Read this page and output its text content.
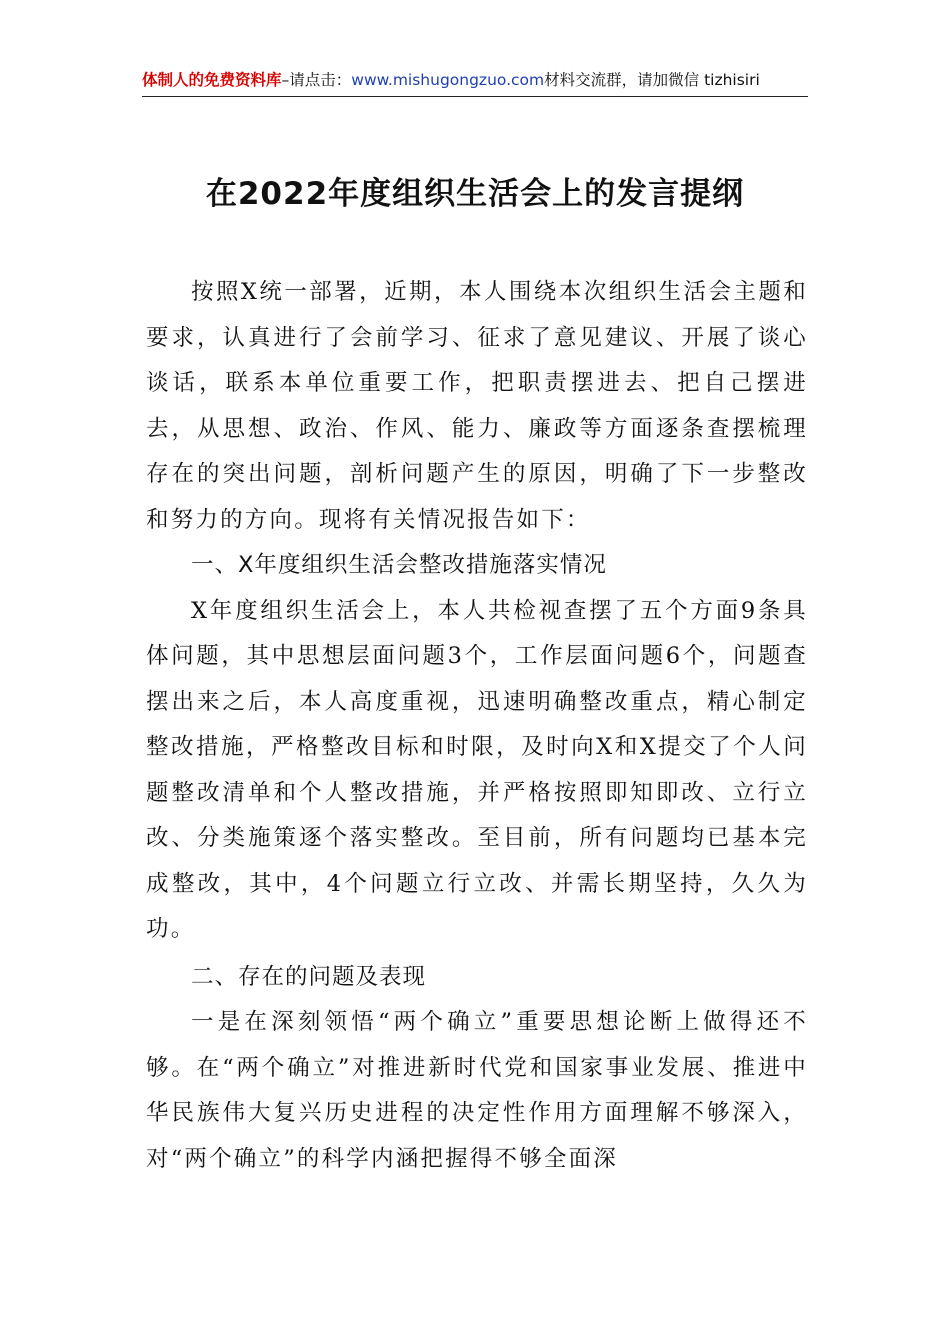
体制人的免费资料库–请点击：www.mishugongzuo.com材料交流群，请加微信 tizhisiri
在2022年度组织生活会上的发言提纲

按照X统一部署，近期，本人围绕本次组织生活会主题和要求，认真进行了会前学习、征求了意见建议、开展了谈心谈话，联系本单位重要工作，把职责摆进去、把自己摆进去，从思想、政治、作风、能力、廉政等方面逐条查摆梳理存在的突出问题，剖析问题产生的原因，明确了下一步整改和努力的方向。现将有关情况报告如下：

一、X年度组织生活会整改措施落实情况

X年度组织生活会上，本人共检视查摆了五个方面9条具体问题，其中思想层面问题3个，工作层面问题6个，问题查摆出来之后，本人高度重视，迅速明确整改重点，精心制定整改措施，严格整改目标和时限，及时向X和X提交了个人问题整改清单和个人整改措施，并严格按照即知即改、立行立改、分类施策逐个落实整改。至目前，所有问题均已基本完成整改，其中，4个问题立行立改、并需长期坚持，久久为功。

二、存在的问题及表现

一是在深刻领悟“两个确立”重要思想论断上做得还不够。在“两个确立”对推进新时代党和国家事业发展、推进中华民族伟大复兴历史进程的决定性作用方面理解不够深入，对“两个确立”的科学内涵把握得不够全面深
